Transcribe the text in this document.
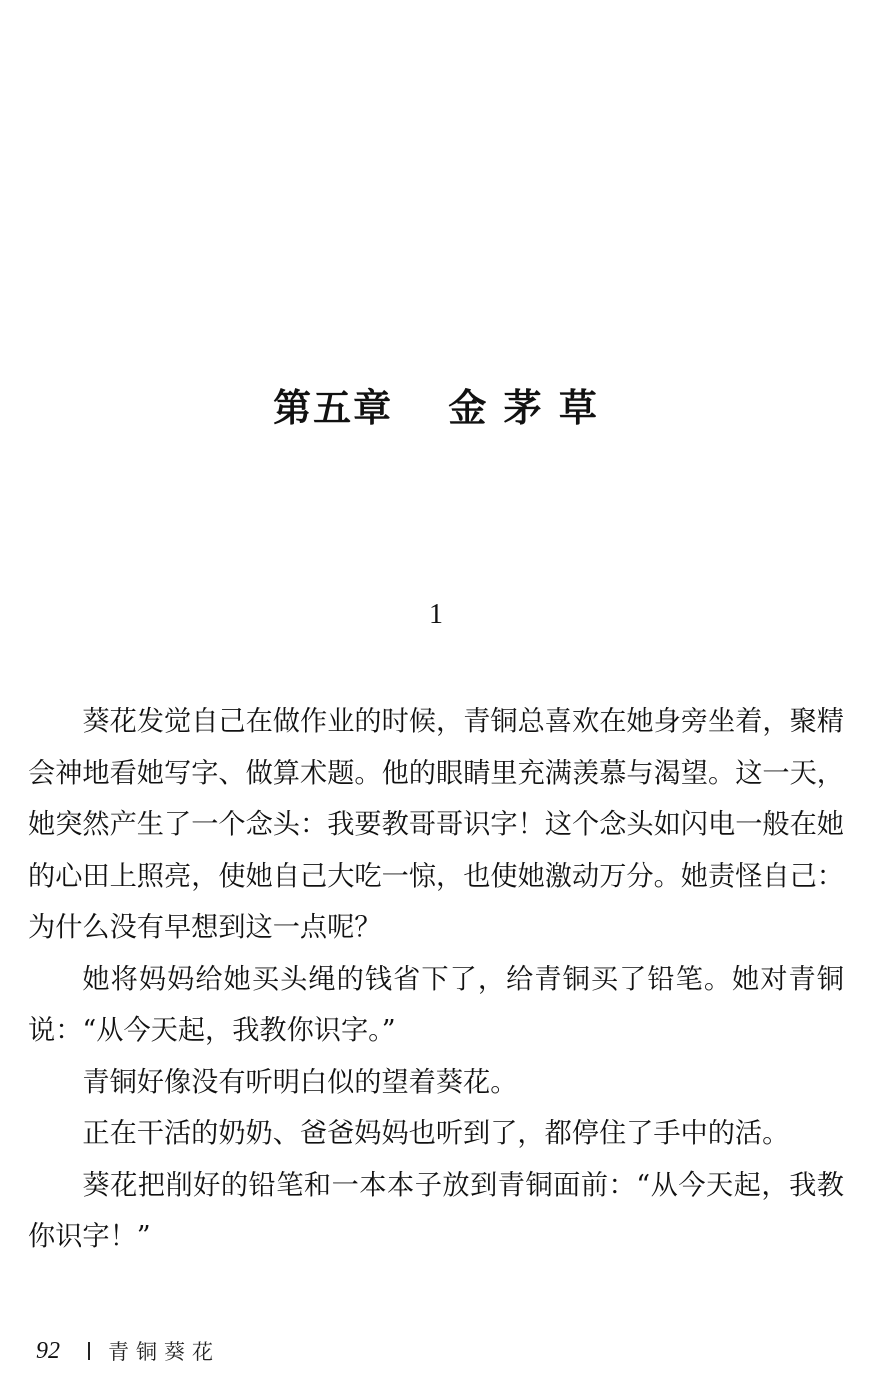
第五章　 金 茅 草
1

葵花发觉自己在做作业的时候，青铜总喜欢在她身旁坐着，聚精会神地看她写字、做算术题。他的眼睛里充满羡慕与渴望。这一天，她突然产生了一个念头：我要教哥哥识字！这个念头如闪电一般在她的心田上照亮，使她自己大吃一惊，也使她激动万分。她责怪自己：为什么没有早想到这一点呢？

她将妈妈给她买头绳的钱省下了，给青铜买了铅笔。她对青铜说：“从今天起，我教你识字。”

青铜好像没有听明白似的望着葵花。

正在干活的奶奶、爸爸妈妈也听到了，都停住了手中的活。

葵花把削好的铅笔和一本本子放到青铜面前：“从今天起，我教你识字！”

92 青铜葵花
